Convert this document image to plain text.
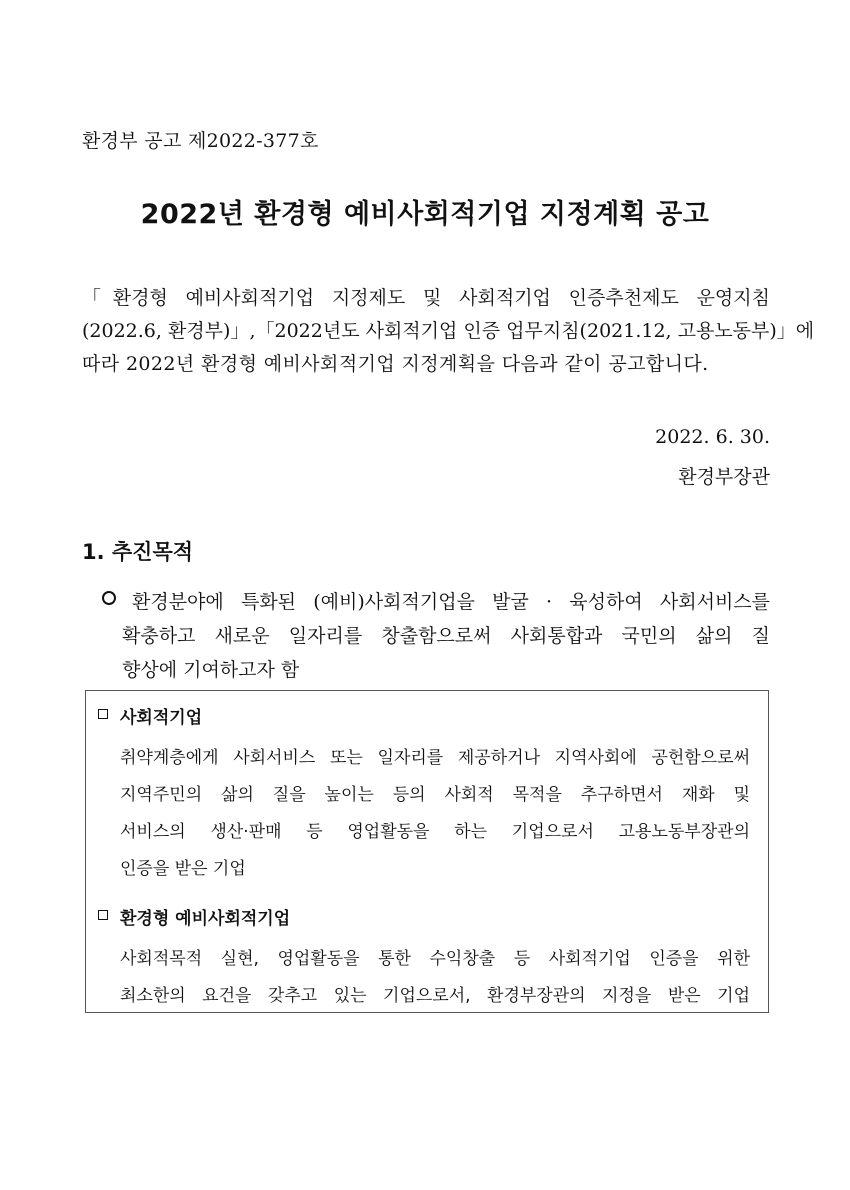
환경부 공고 제2022-377호
2022년 환경형 예비사회적기업 지정계획 공고
「환경형 예비사회적기업 지정제도 및 사회적기업 인증추천제도 운영지침
(2022.6, 환경부)」,「2022년도 사회적기업 인증 업무지침(2021.12, 고용노동부)」에
따라 2022년 환경형 예비사회적기업 지정계획을 다음과 같이 공고합니다.
2022. 6. 30.
환경부장관
1. 추진목적
환경분야에 특화된 (예비)사회적기업을 발굴 · 육성하여 사회서비스를
확충하고 새로운 일자리를 창출함으로써 사회통합과 국민의 삶의 질
향상에 기여하고자 함
사회적기업
취약계층에게 사회서비스 또는 일자리를 제공하거나 지역사회에 공헌함으로써
지역주민의 삶의 질을 높이는 등의 사회적 목적을 추구하면서 재화 및
서비스의 생산·판매 등 영업활동을 하는 기업으로서 고용노동부장관의
인증을 받은 기업
환경형 예비사회적기업
사회적목적 실현, 영업활동을 통한 수익창출 등 사회적기업 인증을 위한
최소한의 요건을 갖추고 있는 기업으로서, 환경부장관의 지정을 받은 기업
